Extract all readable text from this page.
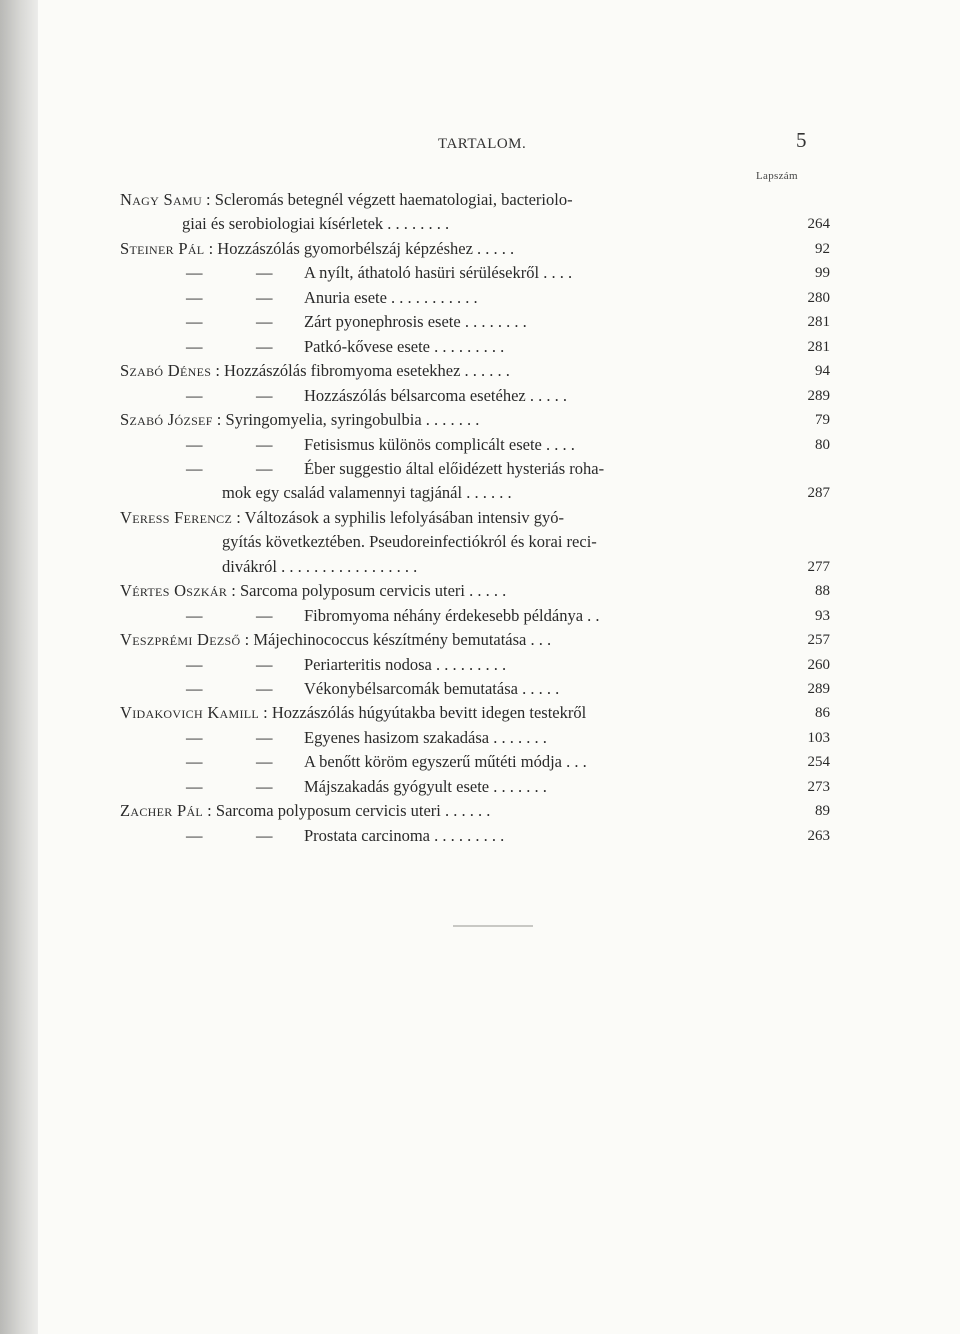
TARTALOM.	5
Lapszám
Nagy Samu : Scleromás betegnél végzett haematologiai, bacteriolo-
giai és serobiologiai kísérletek . . . . . . . .	264
Steiner Pál : Hozzászólás gyomorbélszáj képzéshez . . . . .	92
—	— A nyílt, áthatoló hasüri sérülésekről . . . .	99
—	— Anuria esete . . . . . . . . . . .	280
—	— Zárt pyonephrosis esete . . . . . . . .	281
—	— Patkó-kővese esete . . . . . . . . .	281
Szabó Dénes : Hozzászólás fibromyoma esetekhez . . . . . .	94
—	— Hozzászólás bélsarcoma esetéhez . . . . .	289
Szabó József : Syringomyelia, syringobulbia . . . . . . .	79
—	— Fetisismus különös complicált esete . . . .	80
—	— Éber suggestio által előidézett hysteriás roha-
mok egy család valamennyi tagjánál . . . . . .	287
Veress Ferencz : Változások a syphilis lefolyásában intensiv gyó-
gyítás következtében. Pseudoreinfectiókról és korai reci-
divákról . . . . . . . . . . . . . . . . .	277
Vértes Oszkár : Sarcoma polyposum cervicis uteri . . . . .	88
—	— Fibromyoma néhány érdekesebb példánya . .	93
Veszprémi Dezső : Májechinococcus készítmény bemutatása . . .	257
—	— Periarteritis nodosa . . . . . . . . .	260
—	— Vékonybélsarcomák bemutatása . . . . .	289
Vidakovich Kamill : Hozzászólás húgyútakba bevitt idegen testekről	86
—	— Egyenes hasizom szakadása . . . . . . .	103
—	— A benőtt köröm egyszerű műtéti módja . . .	254
—	— Májszakadás gyógyult esete . . . . . . .	273
Zacher Pál : Sarcoma polyposum cervicis uteri . . . . . .	89
—	— Prostata carcinoma . . . . . . . . .	263
